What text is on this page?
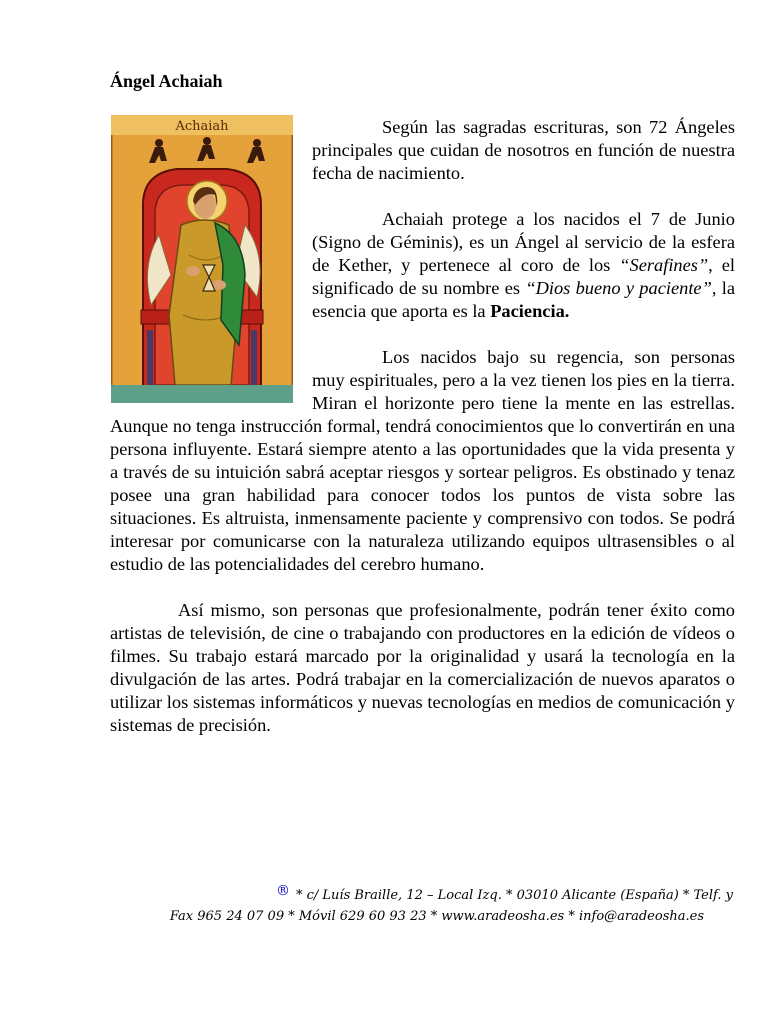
Ángel Achaiah
Achaiah	Según las sagradas escrituras, son 72 Ángeles principales que cuidan de nosotros en función de nuestra fecha de nacimiento.

Achaiah protege a los nacidos el 7 de Junio (Signo de Géminis), es un Ángel al servicio de la esfera de Kether, y pertenece al coro de los “Serafines”, el significado de su nombre es “Dios bueno y paciente”, la esencia que aporta es la Paciencia.

Los nacidos bajo su regencia, son personas muy espirituales, pero a la vez tienen los pies en la tierra. Miran el horizonte pero tiene la mente en las estrellas. Aunque no tenga instrucción formal, tendrá conocimientos que lo convertirán en una persona influyente. Estará siempre atento a las oportunidades que la vida presenta y a través de su intuición sabrá aceptar riesgos y sortear peligros. Es obstinado y tenaz posee una gran habilidad para conocer todos los puntos de vista sobre las situaciones. Es altruista, inmensamente paciente y comprensivo con todos. Se podrá interesar por comunicarse con la naturaleza utilizando equipos ultrasensibles o al estudio de las potencialidades del cerebro humano.

Así mismo, son personas que profesionalmente, podrán tener éxito como artistas de televisión, de cine o trabajando con productores en la edición de vídeos o filmes. Su trabajo estará marcado por la originalidad y usará la tecnología en la divulgación de las artes. Podrá trabajar en la comercialización de nuevos aparatos o utilizar los sistemas informáticos y nuevas tecnologías en medios de comunicación y sistemas de precisión.

® * c/ Luís Braille, 12 – Local Izq. * 03010 Alicante (España) * Telf. y
Fax 965 24 07 09 * Móvil 629 60 93 23 * www.aradeosha.es * info@aradeosha.es
